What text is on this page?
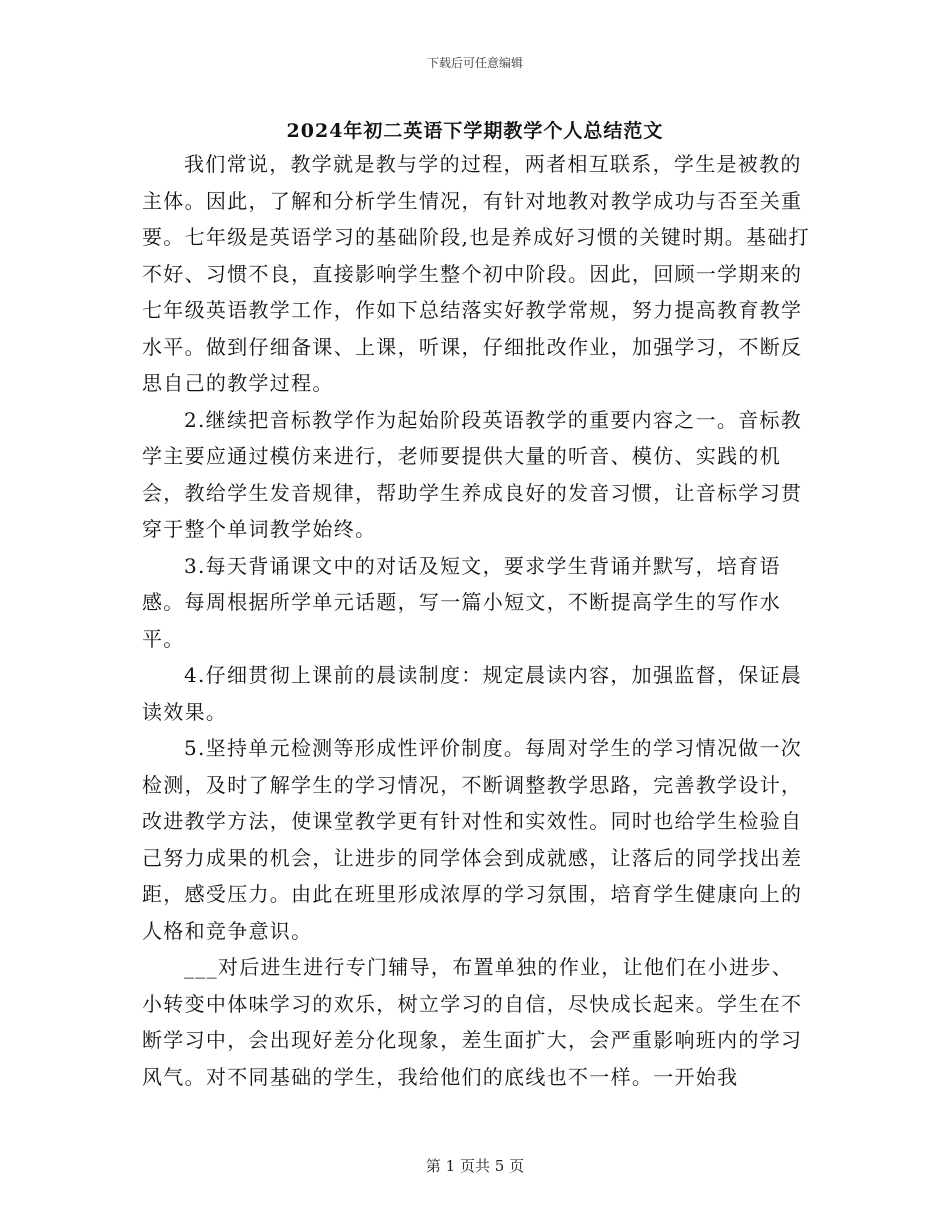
下载后可任意编辑
2024年初二英语下学期教学个人总结范文

我们常说，教学就是教与学的过程，两者相互联系，学生是被教的主体。因此，了解和分析学生情况，有针对地教对教学成功与否至关重要。七年级是英语学习的基础阶段,也是养成好习惯的关键时期。基础打不好、习惯不良，直接影响学生整个初中阶段。因此，回顾一学期来的七年级英语教学工作，作如下总结落实好教学常规，努力提高教育教学水平。做到仔细备课、上课，听课，仔细批改作业，加强学习，不断反思自己的教学过程。

2.继续把音标教学作为起始阶段英语教学的重要内容之一。音标教学主要应通过模仿来进行，老师要提供大量的听音、模仿、实践的机会，教给学生发音规律，帮助学生养成良好的发音习惯，让音标学习贯穿于整个单词教学始终。

3.每天背诵课文中的对话及短文，要求学生背诵并默写，培育语感。每周根据所学单元话题，写一篇小短文，不断提高学生的写作水平。

4.仔细贯彻上课前的晨读制度：规定晨读内容，加强监督，保证晨读效果。

5.坚持单元检测等形成性评价制度。每周对学生的学习情况做一次检测，及时了解学生的学习情况，不断调整教学思路，完善教学设计，改进教学方法，使课堂教学更有针对性和实效性。同时也给学生检验自己努力成果的机会，让进步的同学体会到成就感，让落后的同学找出差距，感受压力。由此在班里形成浓厚的学习氛围，培育学生健康向上的人格和竞争意识。

___对后进生进行专门辅导，布置单独的作业，让他们在小进步、小转变中体味学习的欢乐，树立学习的自信，尽快成长起来。学生在不断学习中，会出现好差分化现象，差生面扩大，会严重影响班内的学习风气。对不同基础的学生，我给他们的底线也不一样。一开始我

第 1 页共 5 页
